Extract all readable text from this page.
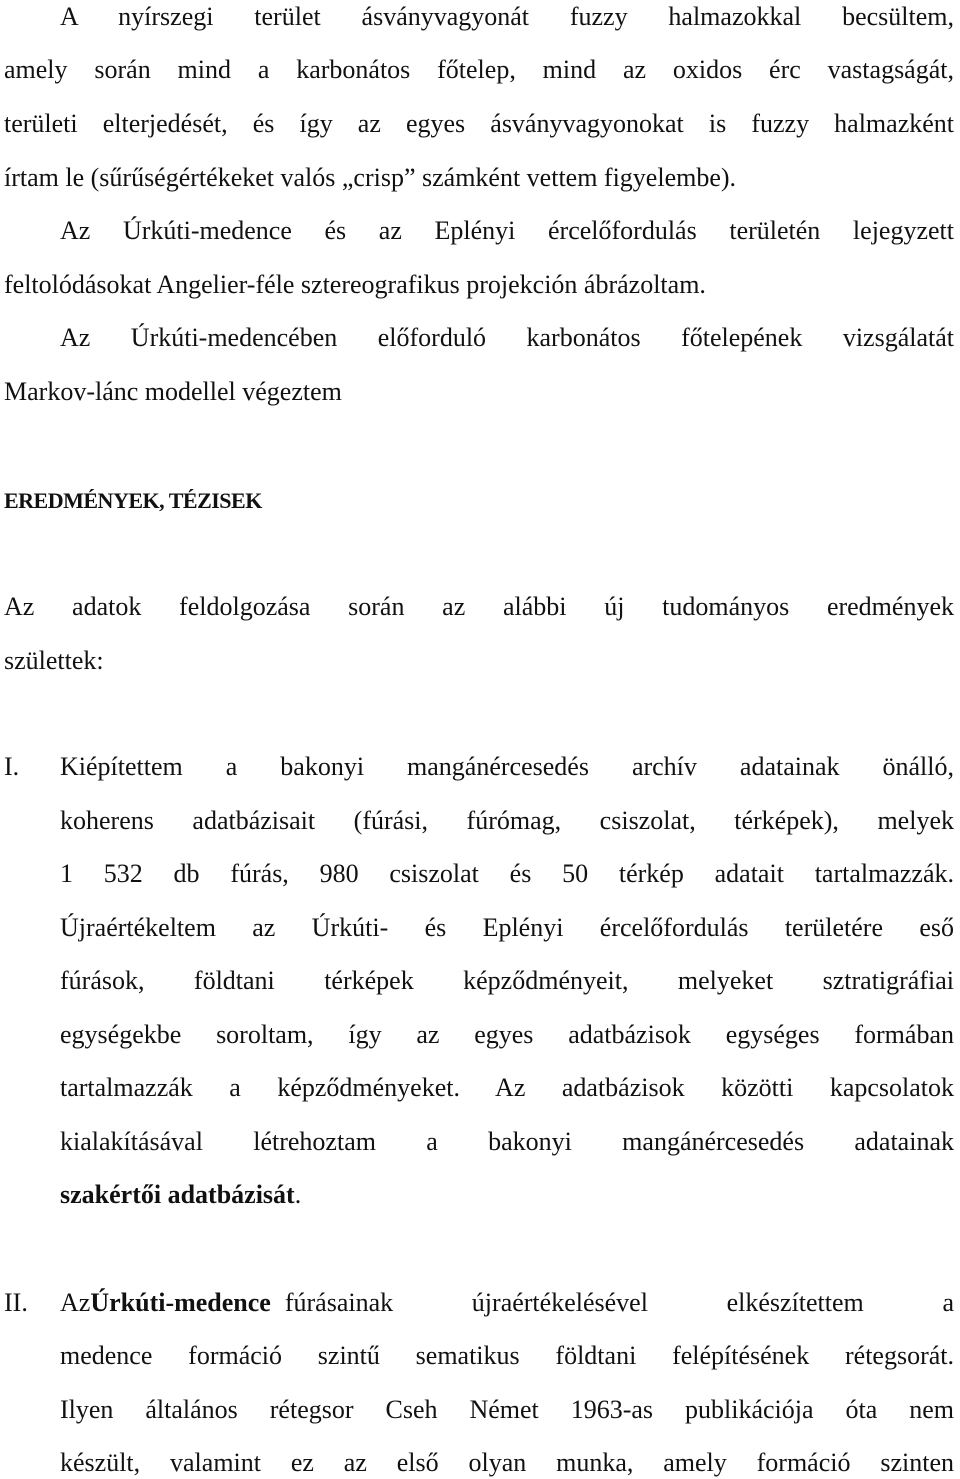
A nyírszegi terület ásványvagyonát fuzzy halmazokkal becsültem,
amely során mind a karbonátos főtelep, mind az oxidos érc vastagságát,
területi elterjedését, és így az egyes ásványvagyonokat is fuzzy halmazként
írtam le (sűrűségértékeket valós „crisp” számként vettem figyelembe).
Az Úrkúti-medence és az Eplényi ércelőfordulás területén lejegyzett
feltolódásokat Angelier-féle sztereografikus projekción ábrázoltam.
Az Úrkúti-medencében előforduló karbonátos főtelepének vizsgálatát
Markov-lánc modellel végeztem
EREDMÉNYEK, TÉZISEK
Az adatok feldolgozása során az alábbi új tudományos eredmények
születtek:
I. Kiépítettem a bakonyi mangánércesedés archív adatainak önálló,
koherens adatbázisait (fúrási, fúrómag, csiszolat, térképek), melyek
1 532 db fúrás, 980 csiszolat és 50 térkép adatait tartalmazzák.
Újraértékeltem az Úrkúti- és Eplényi ércelőfordulás területére eső
fúrások, földtani térképek képződményeit, melyeket sztratigráfiai
egységekbe soroltam, így az egyes adatbázisok egységes formában
tartalmazzák a képződményeket. Az adatbázisok közötti kapcsolatok
kialakításával létrehoztam a bakonyi mangánércesedés adatainak
szakértői adatbázisát.
II. Az Úrkúti-medence fúrásainak újraértékelésével elkészítettem a
medence formáció szintű sematikus földtani felépítésének rétegsorát.
Ilyen általános rétegsor Cseh Német 1963-as publikációja óta nem
készült, valamint ez az első olyan munka, amely formáció szinten
